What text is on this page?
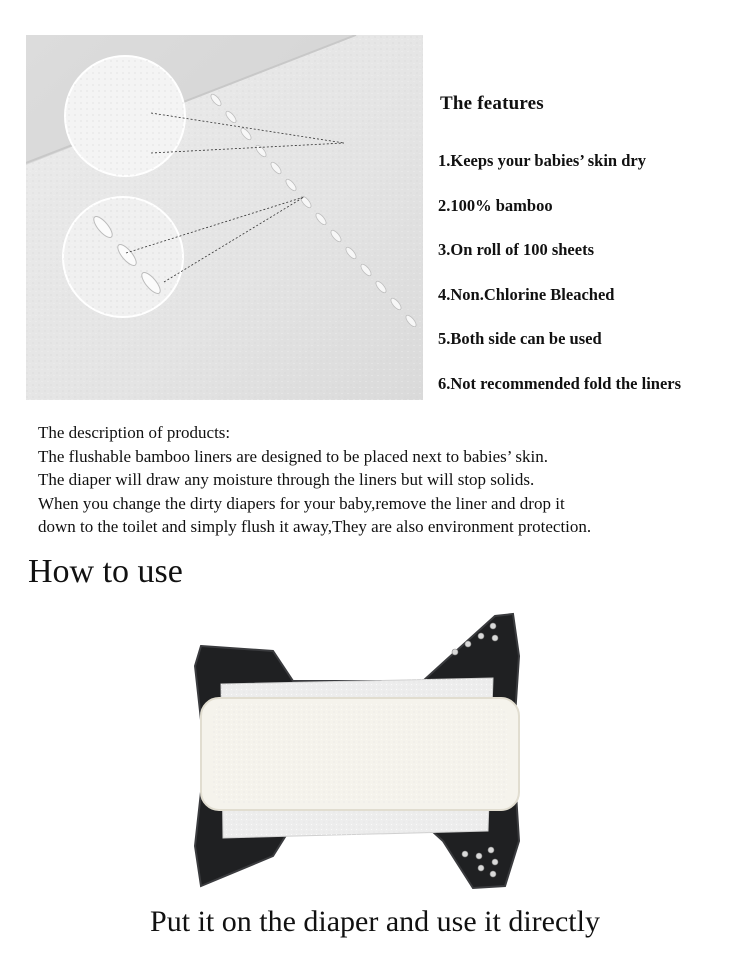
The features
1.Keeps your babies’ skin dry
2.100% bamboo
3.On roll of 100 sheets
4.Non.Chlorine Bleached
5.Both side can be used
6.Not recommended fold the liners
The description of products:
The flushable bamboo liners are designed to be placed next to babies’ skin.
The diaper will draw any moisture through the liners but will stop solids.
When you change the dirty diapers for your baby,remove the liner and drop it
down to the toilet and simply flush it away,They are also environment protection.
How to use
Put it on the diaper and use it directly
